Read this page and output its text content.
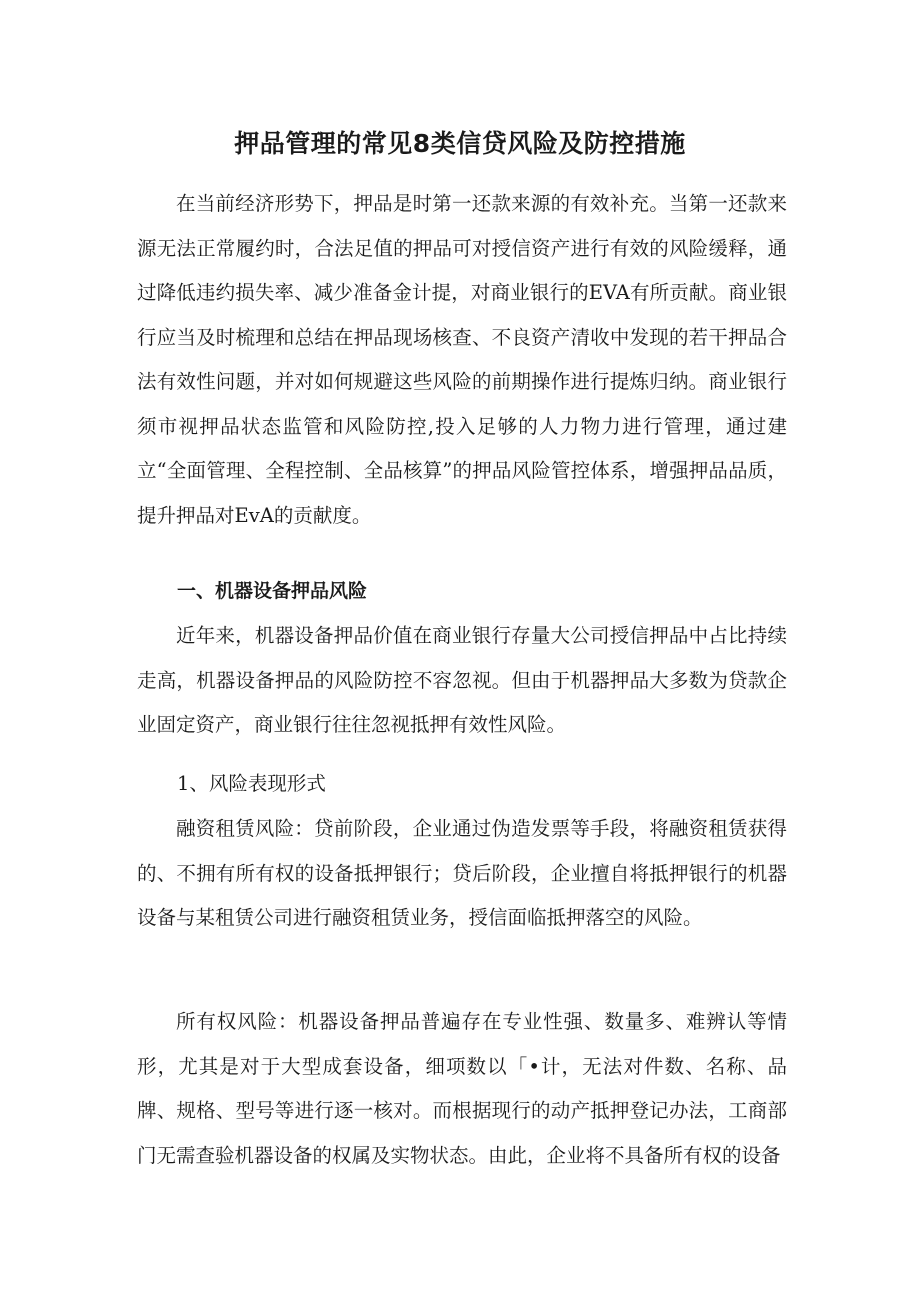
押品管理的常见8类信贷风险及防控措施

在当前经济形势下，押品是时第一还款来源的有效补充。当第一还款来源无法正常履约时，合法足值的押品可对授信资产进行有效的风险缓释，通过降低违约损失率、减少准备金计提，对商业银行的EVA有所贡献。商业银行应当及时梳理和总结在押品现场核查、不良资产清收中发现的若干押品合法有效性问题，并对如何规避这些风险的前期操作进行提炼归纳。商业银行须市视押品状态监管和风险防控,投入足够的人力物力进行管理，通过建立“全面管理、全程控制、全品核算”的押品风险管控体系，增强押品品质，提升押品对EvA的贡献度。

一、机器设备押品风险

近年来，机器设备押品价值在商业银行存量大公司授信押品中占比持续走高，机器设备押品的风险防控不容忽视。但由于机器押品大多数为贷款企业固定资产，商业银行往往忽视抵押有效性风险。

1、风险表现形式

融资租赁风险：贷前阶段，企业通过伪造发票等手段，将融资租赁获得的、不拥有所有权的设备抵押银行；贷后阶段，企业擅自将抵押银行的机器设备与某租赁公司进行融资租赁业务，授信面临抵押落空的风险。

所有权风险：机器设备押品普遍存在专业性强、数量多、难辨认等情形，尤其是对于大型成套设备，细项数以「•计，无法对件数、名称、品牌、规格、型号等进行逐一核对。而根据现行的动产抵押登记办法，工商部门无需查验机器设备的权属及实物状态。由此，企业将不具备所有权的设备
